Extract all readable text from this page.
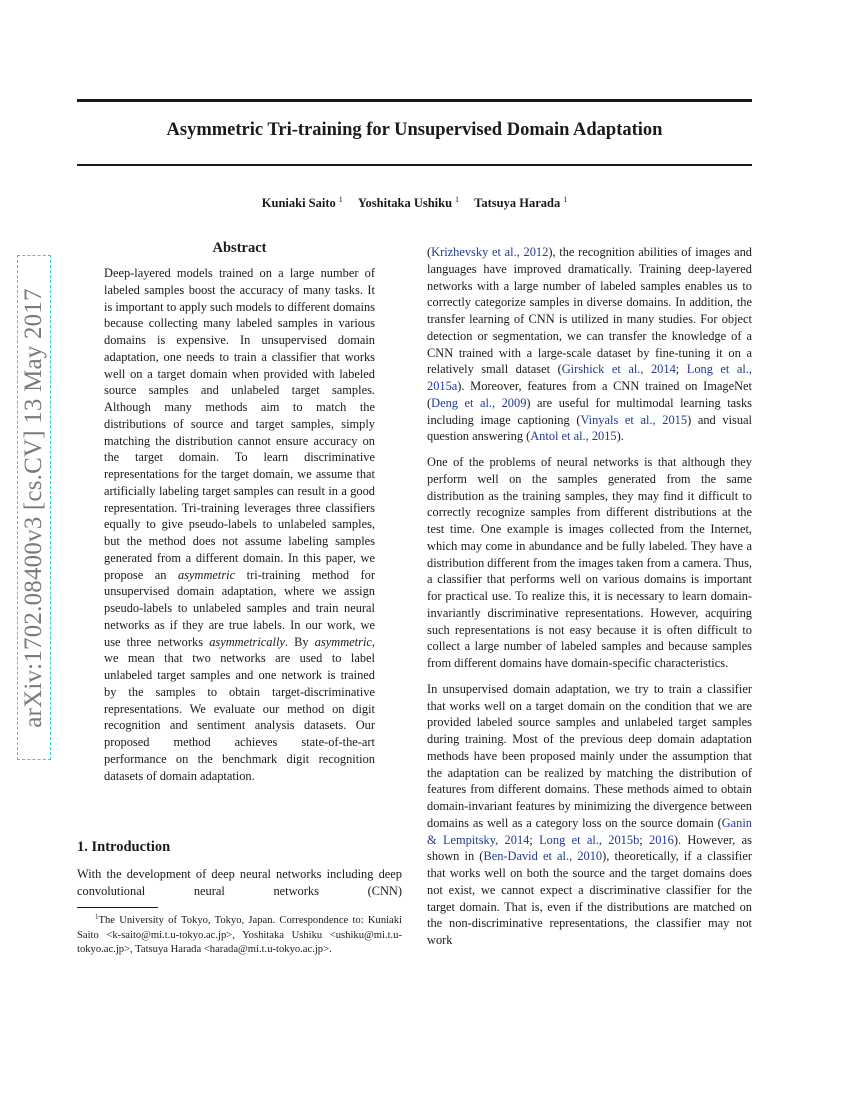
arXiv:1702.08400v3 [cs.CV] 13 May 2017
Asymmetric Tri-training for Unsupervised Domain Adaptation
Kuniaki Saito $^1$ Yoshitaka Ushiku $^1$ Tatsuya Harada $^1$
Abstract
Deep-layered models trained on a large number of labeled samples boost the accuracy of many tasks. It is important to apply such models to different domains because collecting many labeled samples in various domains is expensive. In unsupervised domain adaptation, one needs to train a classifier that works well on a target domain when provided with labeled source samples and unlabeled target samples. Although many methods aim to match the distributions of source and target samples, simply matching the distribution cannot ensure accuracy on the target domain. To learn discriminative representations for the target domain, we assume that artificially labeling target samples can result in a good representation. Tri-training leverages three classifiers equally to give pseudo-labels to unlabeled samples, but the method does not assume labeling samples generated from a different domain. In this paper, we propose an asymmetric tri-training method for unsupervised domain adaptation, where we assign pseudo-labels to unlabeled samples and train neural networks as if they are true labels. In our work, we use three networks asymmetrically. By asymmetric, we mean that two networks are used to label unlabeled target samples and one network is trained by the samples to obtain target-discriminative representations. We evaluate our method on digit recognition and sentiment analysis datasets. Our proposed method achieves state-of-the-art performance on the benchmark digit recognition datasets of domain adaptation.
1. Introduction
With the development of deep neural networks including deep convolutional neural networks (CNN)
$^1$The University of Tokyo, Tokyo, Japan. Correspondence to: Kuniaki Saito <k-saito@mi.t.u-tokyo.ac.jp>, Yoshitaka Ushiku <ushiku@mi.t.u-tokyo.ac.jp>, Tatsuya Harada <harada@mi.t.u-tokyo.ac.jp>.

(Krizhevsky et al., 2012), the recognition abilities of images and languages have improved dramatically. Training deep-layered networks with a large number of labeled samples enables us to correctly categorize samples in diverse domains. In addition, the transfer learning of CNN is utilized in many studies. For object detection or segmentation, we can transfer the knowledge of a CNN trained with a large-scale dataset by fine-tuning it on a relatively small dataset (Girshick et al., 2014; Long et al., 2015a). Moreover, features from a CNN trained on ImageNet (Deng et al., 2009) are useful for multimodal learning tasks including image captioning (Vinyals et al., 2015) and visual question answering (Antol et al., 2015).

One of the problems of neural networks is that although they perform well on the samples generated from the same distribution as the training samples, they may find it difficult to correctly recognize samples from different distributions at the test time. One example is images collected from the Internet, which may come in abundance and be fully labeled. They have a distribution different from the images taken from a camera. Thus, a classifier that performs well on various domains is important for practical use. To realize this, it is necessary to learn domain-invariantly discriminative representations. However, acquiring such representations is not easy because it is often difficult to collect a large number of labeled samples and because samples from different domains have domain-specific characteristics.

In unsupervised domain adaptation, we try to train a classifier that works well on a target domain on the condition that we are provided labeled source samples and unlabeled target samples during training. Most of the previous deep domain adaptation methods have been proposed mainly under the assumption that the adaptation can be realized by matching the distribution of features from different domains. These methods aimed to obtain domain-invariant features by minimizing the divergence between domains as well as a category loss on the source domain (Ganin & Lempitsky, 2014; Long et al., 2015b; 2016). However, as shown in (Ben-David et al., 2010), theoretically, if a classifier that works well on both the source and the target domains does not exist, we cannot expect a discriminative classifier for the target domain. That is, even if the distributions are matched on the non-discriminative representations, the classifier may not work
